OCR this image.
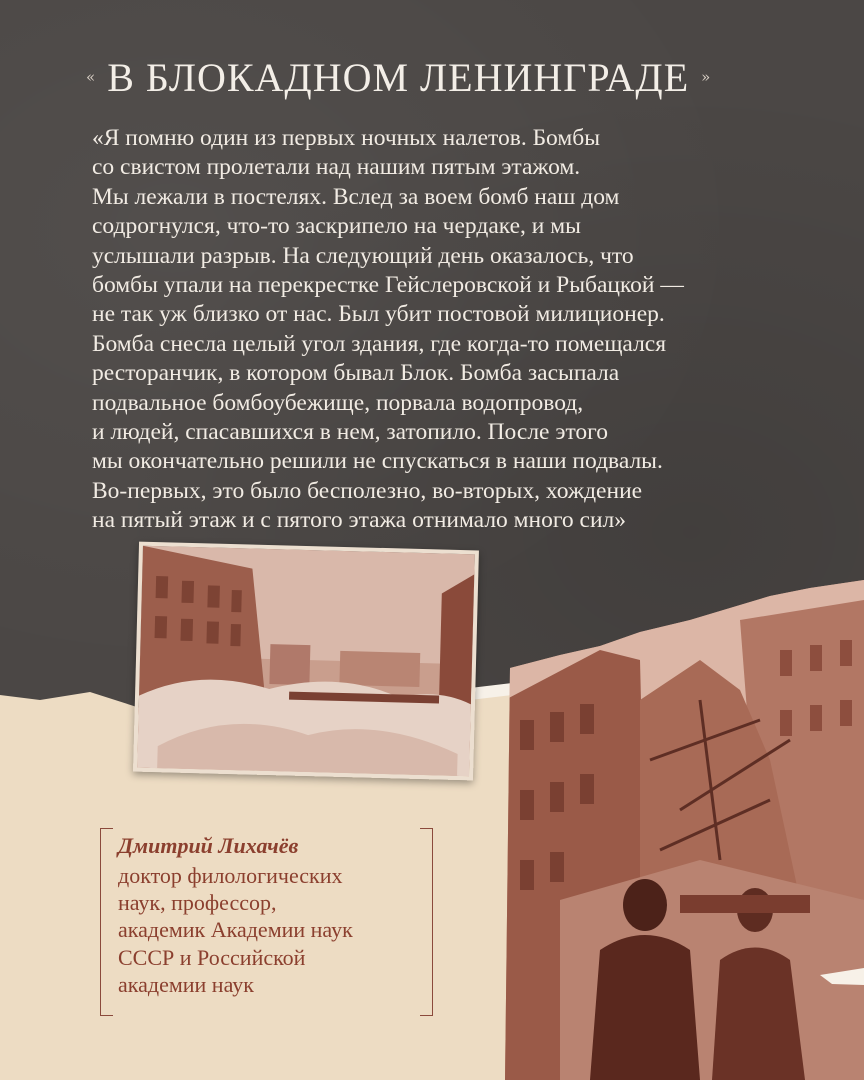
« В БЛОКАДНОМ ЛЕНИНГРАДЕ »

«Я помню один из первых ночных налетов. Бомбы
со свистом пролетали над нашим пятым этажом.
Мы лежали в постелях. Вслед за воем бомб наш дом
содрогнулся, что-то заскрипело на чердаке, и мы
услышали разрыв. На следующий день оказалось, что
бомбы упали на перекрестке Гейслеровской и Рыбацкой —
не так уж близко от нас. Был убит постовой милиционер.
Бомба снесла целый угол здания, где когда-то помещался
ресторанчик, в котором бывал Блок. Бомба засыпала
подвальное бомбоубежище, порвала водопровод,
и людей, спасавшихся в нем, затопило. После этого
мы окончательно решили не спускаться в наши подвалы.
Во-первых, это было бесполезно, во-вторых, хождение
на пятый этаж и с пятого этажа отнимало много сил»

Дмитрий Лихачёв
доктор филологических
наук, профессор,
академик Академии наук
СССР и Российской
академии наук
